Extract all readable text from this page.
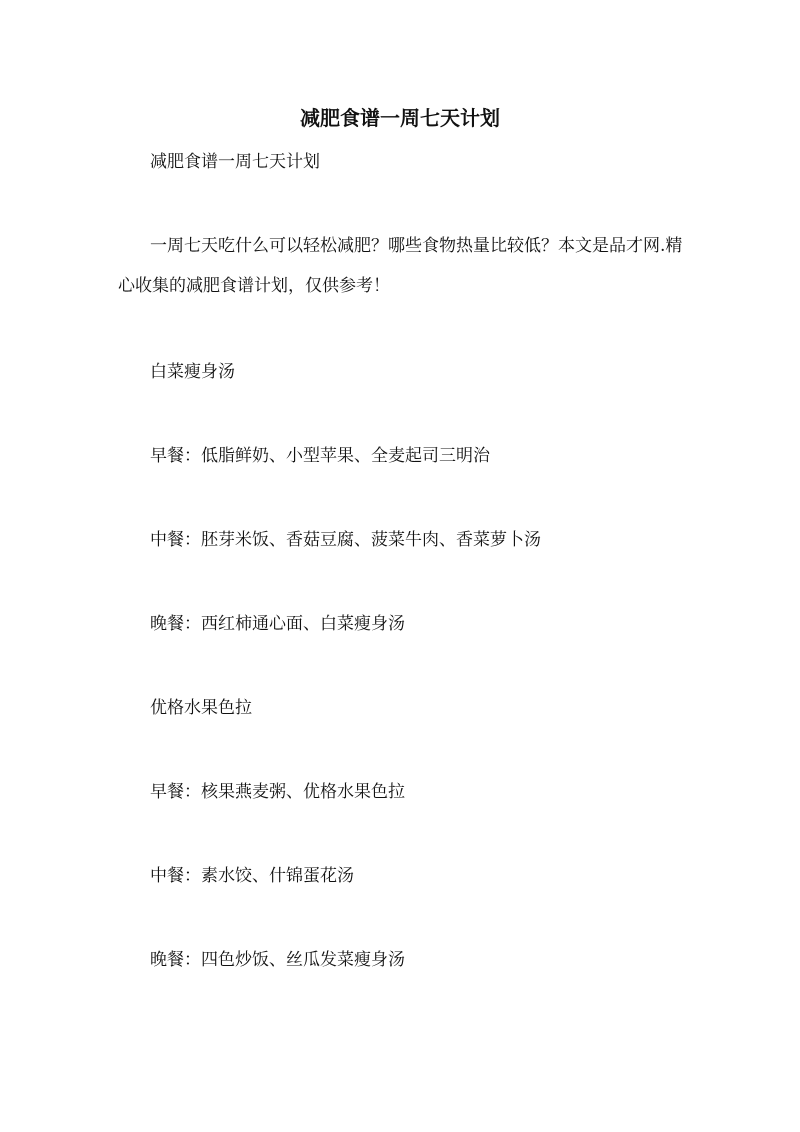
减肥食谱一周七天计划

减肥食谱一周七天计划

一周七天吃什么可以轻松减肥？哪些食物热量比较低？本文是品才网.精心收集的减肥食谱计划，仅供参考！

白菜瘦身汤

早餐：低脂鲜奶、小型苹果、全麦起司三明治

中餐：胚芽米饭、香菇豆腐、菠菜牛肉、香菜萝卜汤

晚餐：西红柿通心面、白菜瘦身汤

优格水果色拉

早餐：核果燕麦粥、优格水果色拉

中餐：素水饺、什锦蛋花汤

晚餐：四色炒饭、丝瓜发菜瘦身汤
